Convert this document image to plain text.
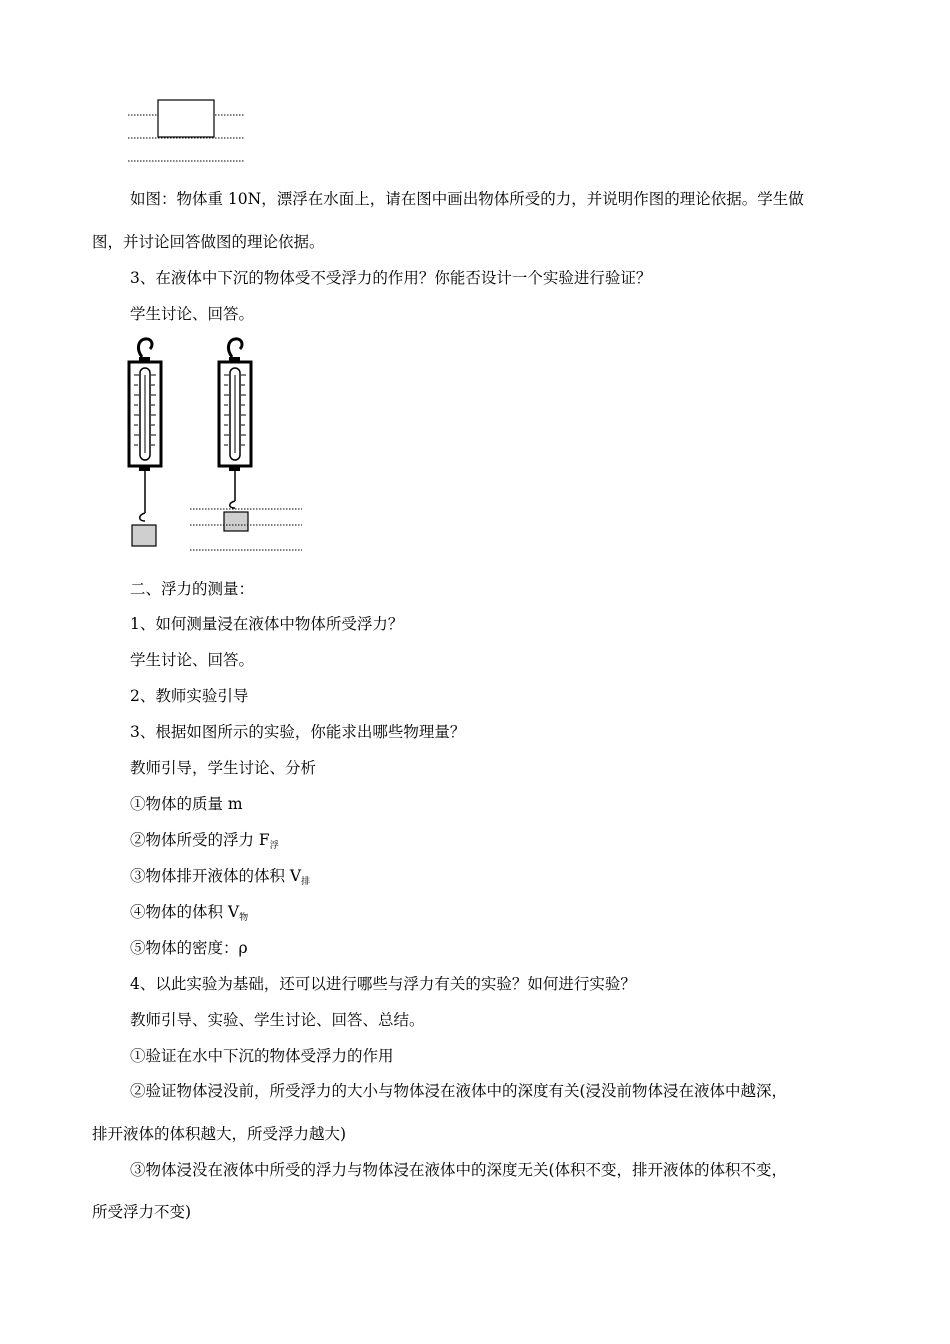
如图：物体重 10N，漂浮在水面上，请在图中画出物体所受的力，并说明作图的理论依据。学生做
图，并讨论回答做图的理论依据。
3、在液体中下沉的物体受不受浮力的作用？你能否设计一个实验进行验证？
学生讨论、回答。
二、浮力的测量：
1、如何测量浸在液体中物体所受浮力？
学生讨论、回答。
2、教师实验引导
3、根据如图所示的实验，你能求出哪些物理量？
教师引导，学生讨论、分析
①物体的质量 m
②物体所受的浮力 $F_浮$
③物体排开液体的体积 $V_排$
④物体的体积 $V_物$
⑤物体的密度：ρ
4、以此实验为基础，还可以进行哪些与浮力有关的实验？如何进行实验？
教师引导、实验、学生讨论、回答、总结。
①验证在水中下沉的物体受浮力的作用
②验证物体浸没前，所受浮力的大小与物体浸在液体中的深度有关(浸没前物体浸在液体中越深，
排开液体的体积越大，所受浮力越大)
③物体浸没在液体中所受的浮力与物体浸在液体中的深度无关(体积不变，排开液体的体积不变，
所受浮力不变)
